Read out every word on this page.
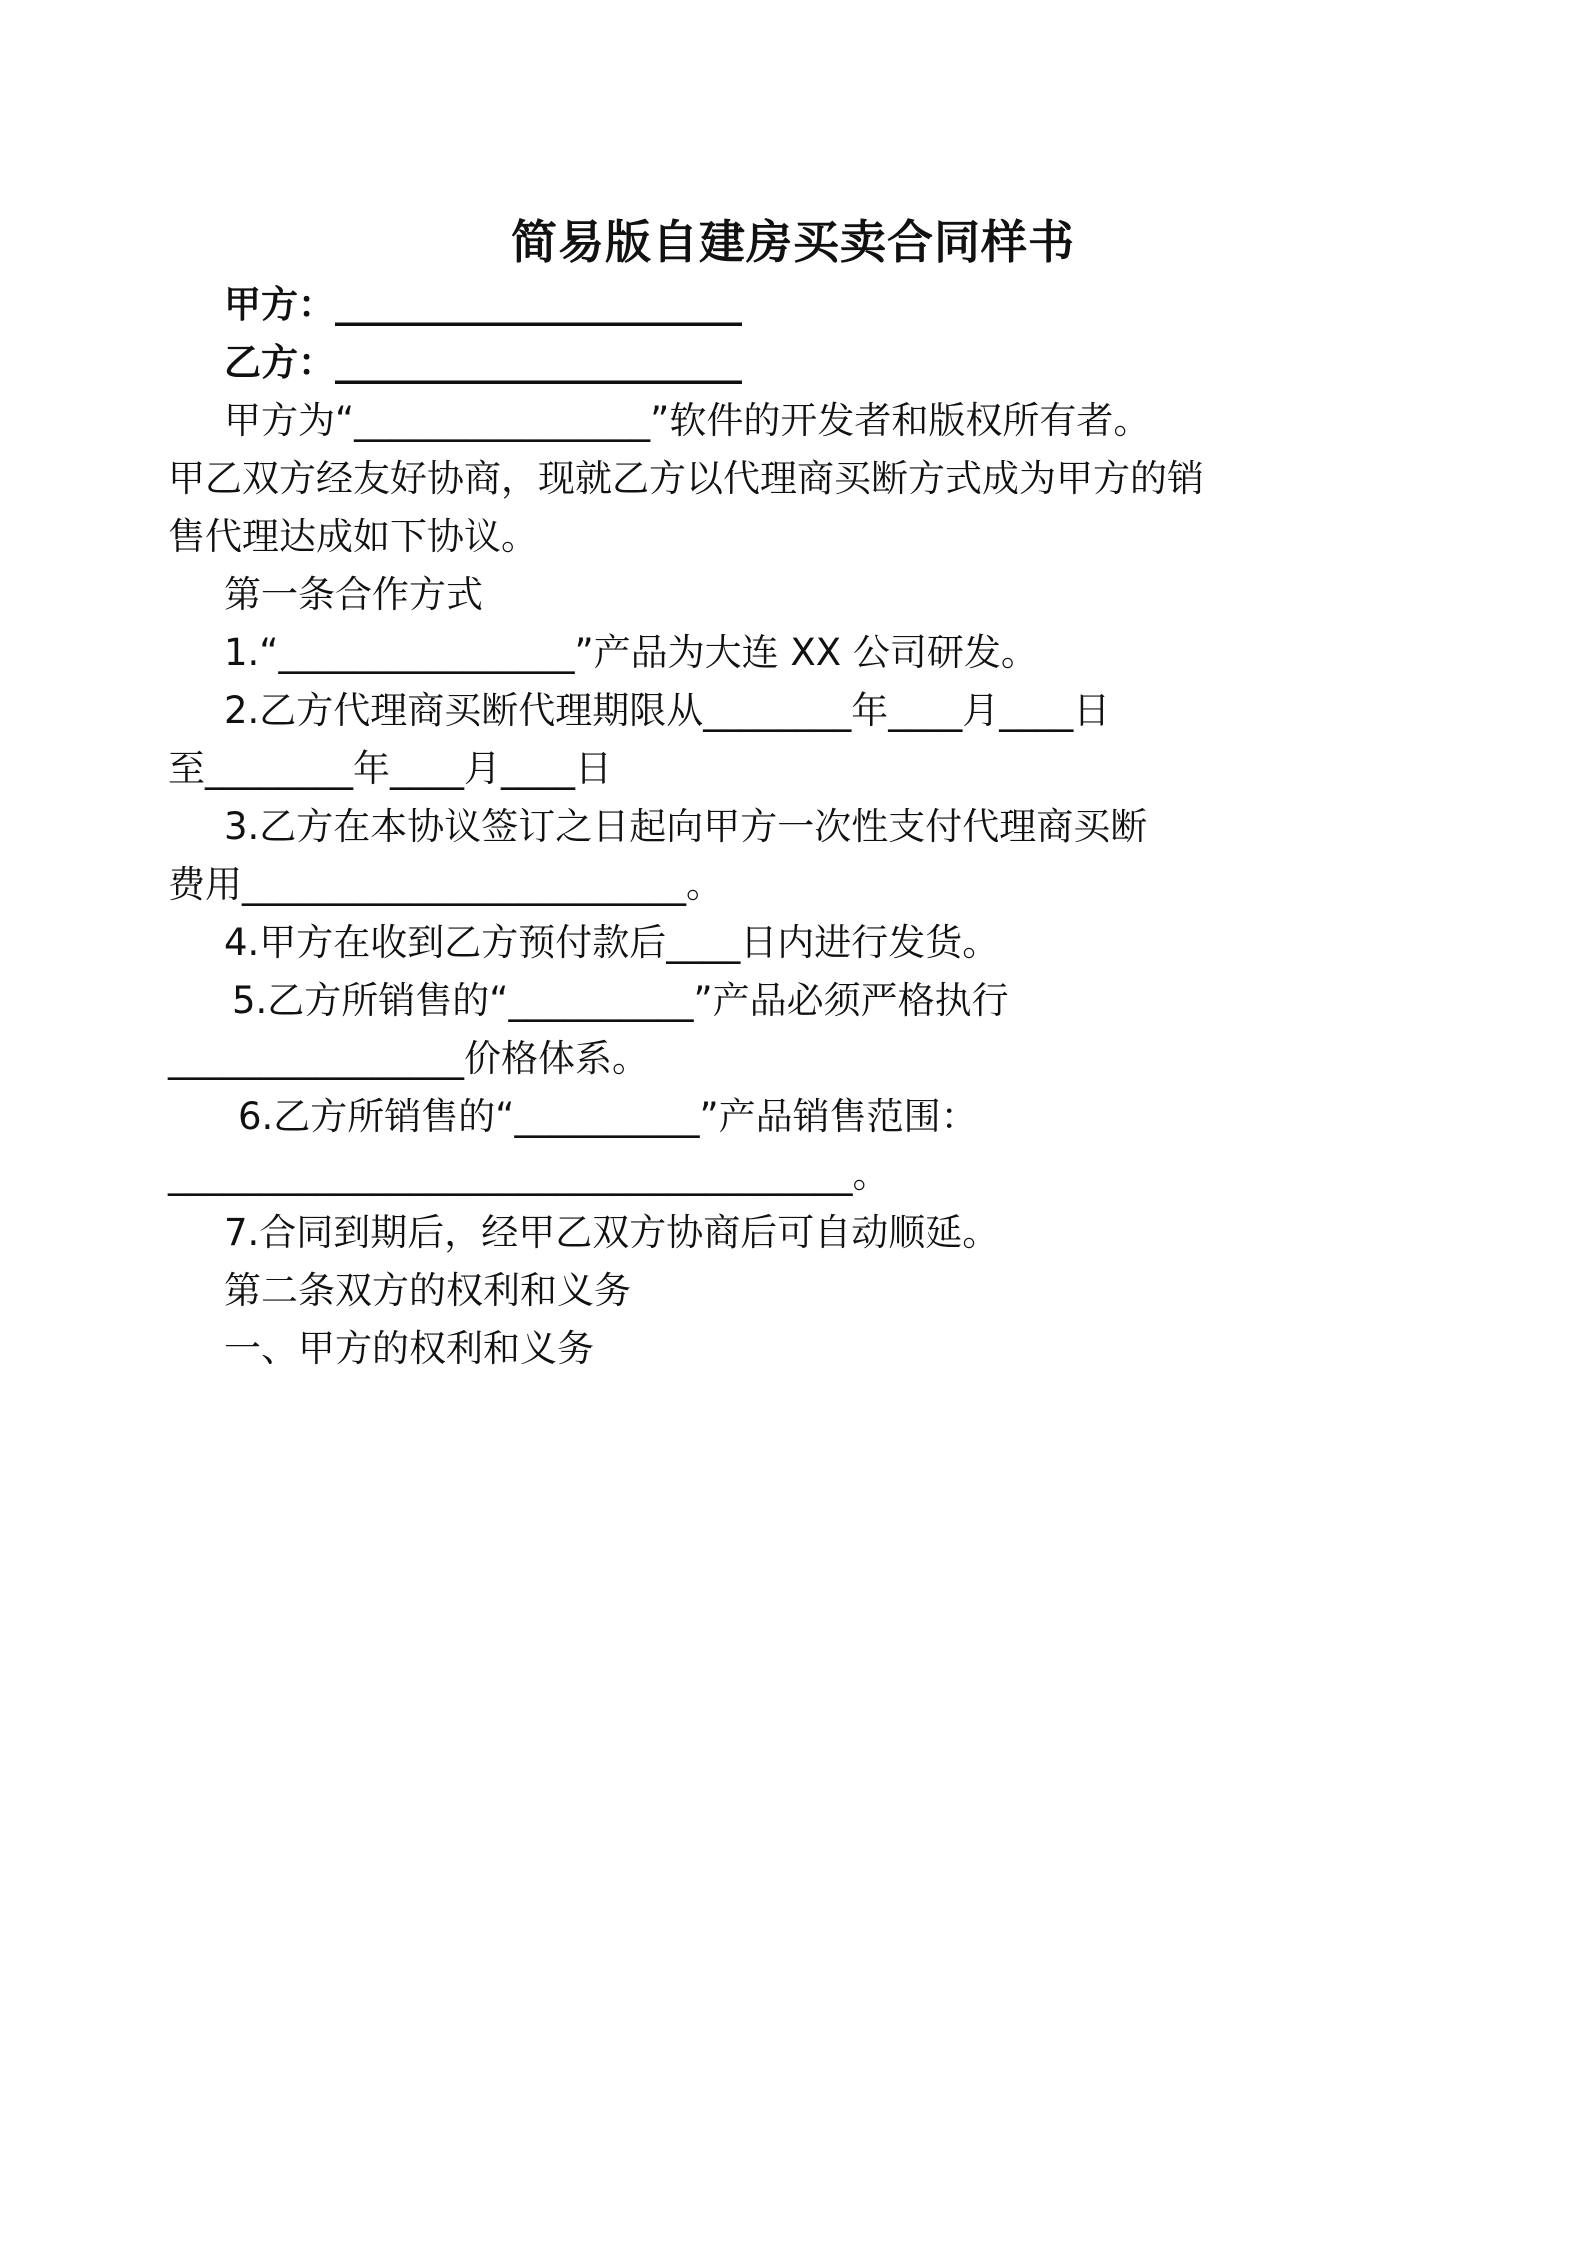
简易版自建房买卖合同样书
甲方：______________________
乙方：______________________
甲方为“________________”软件的开发者和版权所有者。
甲乙双方经友好协商，现就乙方以代理商买断方式成为甲方的销
售代理达成如下协议。
第一条合作方式
1.“________________”产品为大连 XX 公司研发。
2.乙方代理商买断代理期限从________年____月____日
至________年____月____日
3.乙方在本协议签订之日起向甲方一次性支付代理商买断
费用________________________。
4.甲方在收到乙方预付款后____日内进行发货。
5.乙方所销售的“__________”产品必须严格执行
________________价格体系。
6.乙方所销售的“__________”产品销售范围：
_____________________________________。
7.合同到期后，经甲乙双方协商后可自动顺延。
第二条双方的权利和义务
一、甲方的权利和义务
